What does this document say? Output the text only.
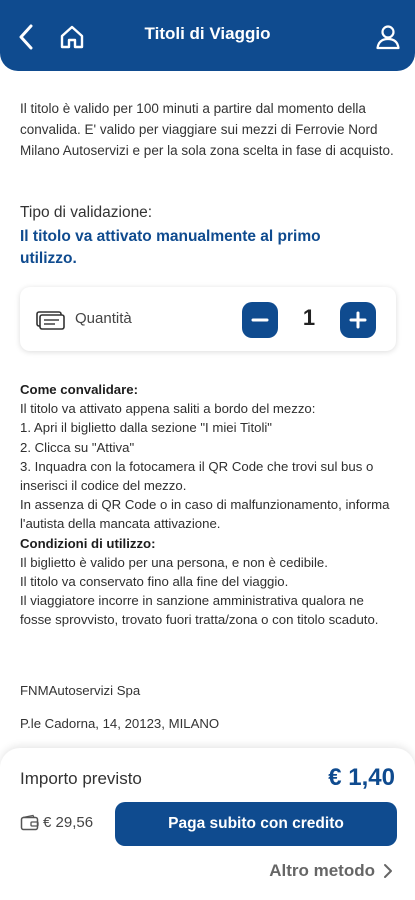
Titoli di Viaggio

Il titolo è valido per 100 minuti a partire dal momento della convalida. E' valido per viaggiare sui mezzi di Ferrovie Nord Milano Autoservizi e per la sola zona scelta in fase di acquisto.

Tipo di validazione:
Il titolo va attivato manualmente al primo utilizzo.
Quantità	1
Come convalidare:
Il titolo va attivato appena saliti a bordo del mezzo:
1. Apri il biglietto dalla sezione "I miei Titoli"
2. Clicca su "Attiva"
3. Inquadra con la fotocamera il QR Code che trovi sul bus o inserisci il codice del mezzo.
In assenza di QR Code o in caso di malfunzionamento, informa l'autista della mancata attivazione.
Condizioni di utilizzo:
Il biglietto è valido per una persona, e non è cedibile.
Il titolo va conservato fino alla fine del viaggio.
Il viaggiatore incorre in sanzione amministrativa qualora ne fosse sprovvisto, trovato fuori tratta/zona o con titolo scaduto.
FNMAutoservizi Spa
P.le Cadorna, 14, 20123, MILANO
Importo previsto	€ 1,40
€ 29,56	Paga subito con credito
Altro metodo
